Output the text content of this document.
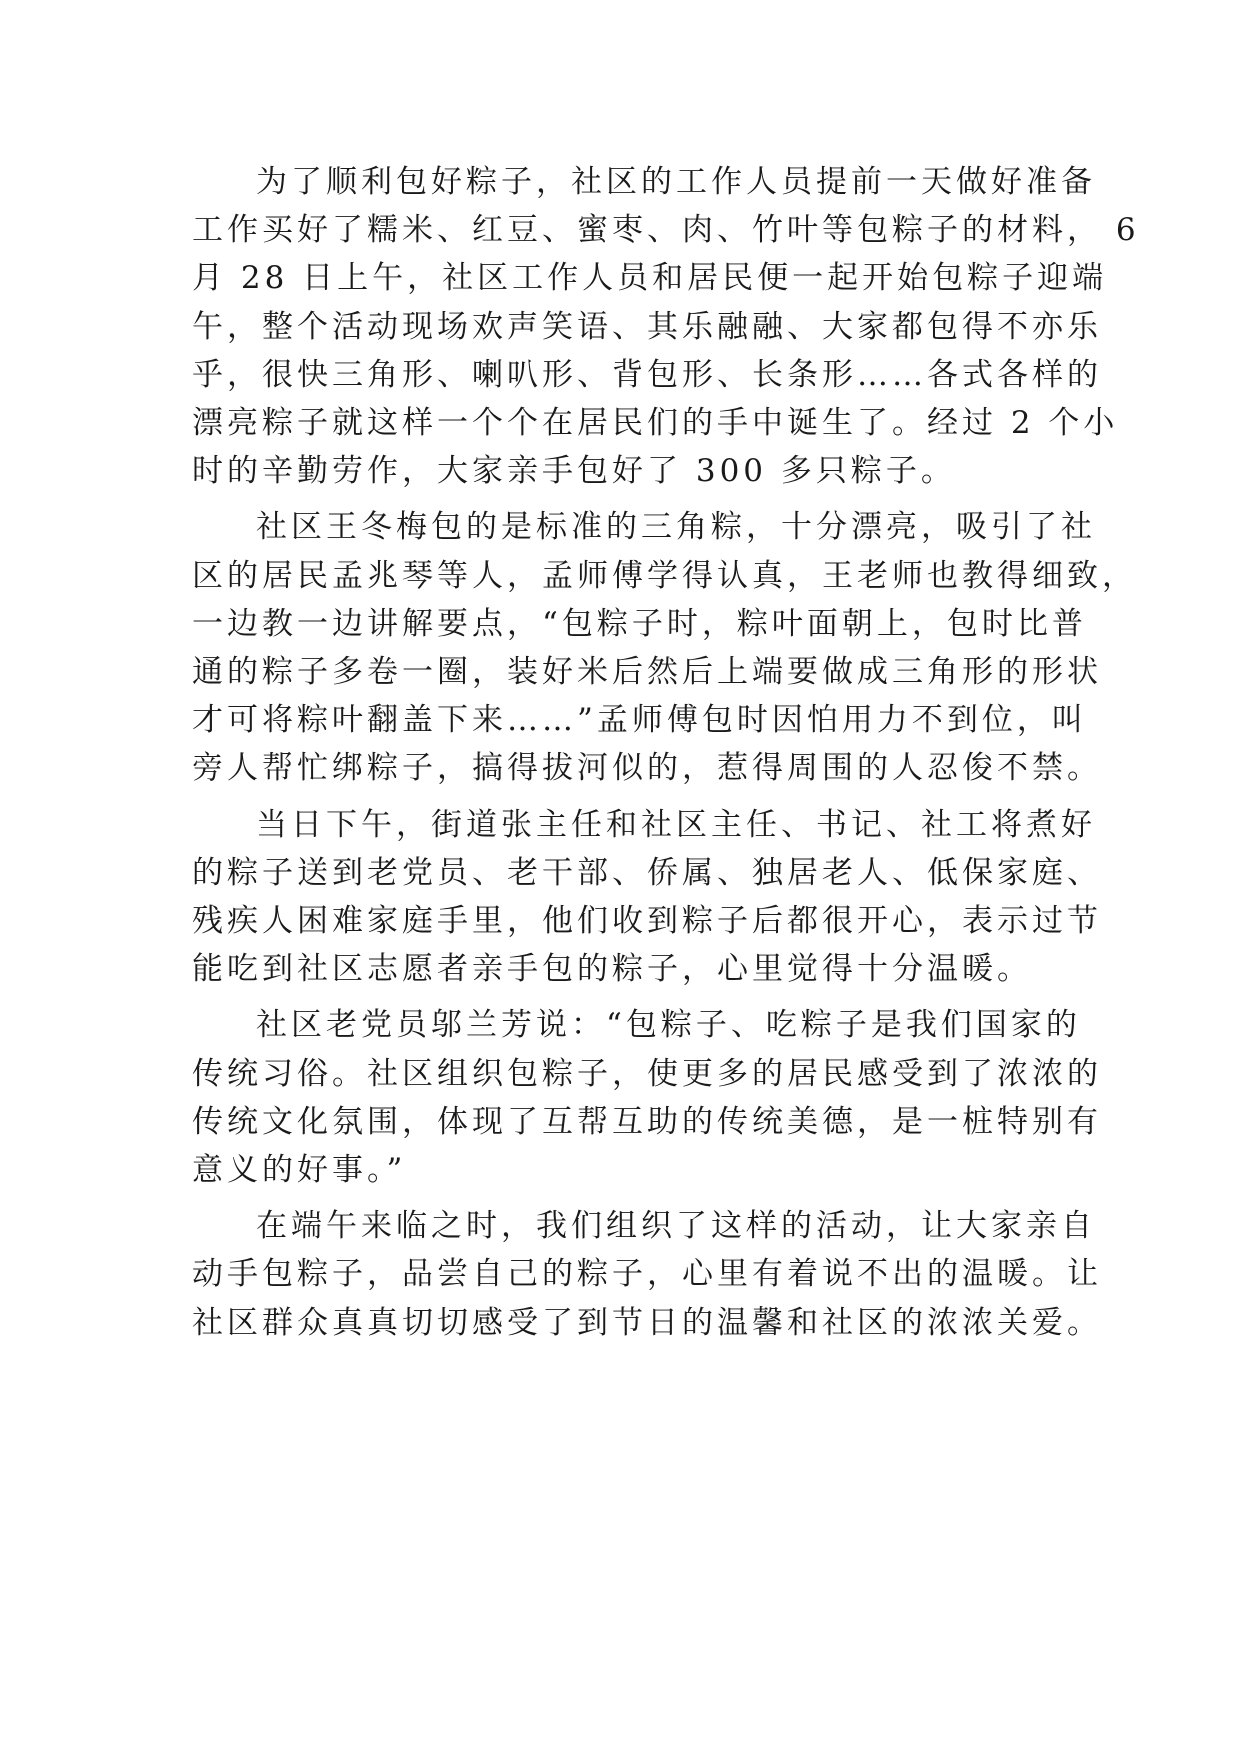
为了顺利包好粽子，社区的工作人员提前一天做好准备
工作买好了糯米、红豆、蜜枣、肉、竹叶等包粽子的材料， 6
月 28 日上午，社区工作人员和居民便一起开始包粽子迎端
午，整个活动现场欢声笑语、其乐融融、大家都包得不亦乐
乎，很快三角形、喇叭形、背包形、长条形……各式各样的
漂亮粽子就这样一个个在居民们的手中诞生了。经过 2 个小
时的辛勤劳作，大家亲手包好了 300 多只粽子。

社区王冬梅包的是标准的三角粽，十分漂亮，吸引了社
区的居民孟兆琴等人，孟师傅学得认真，王老师也教得细致，
一边教一边讲解要点，“包粽子时，粽叶面朝上，包时比普
通的粽子多卷一圈，装好米后然后上端要做成三角形的形状
才可将粽叶翻盖下来……”孟师傅包时因怕用力不到位，叫
旁人帮忙绑粽子，搞得拔河似的，惹得周围的人忍俊不禁。

当日下午，街道张主任和社区主任、书记、社工将煮好
的粽子送到老党员、老干部、侨属、独居老人、低保家庭、
残疾人困难家庭手里，他们收到粽子后都很开心，表示过节
能吃到社区志愿者亲手包的粽子，心里觉得十分温暖。

社区老党员邬兰芳说：“包粽子、吃粽子是我们国家的
传统习俗。社区组织包粽子，使更多的居民感受到了浓浓的
传统文化氛围，体现了互帮互助的传统美德，是一桩特别有
意义的好事。”

在端午来临之时，我们组织了这样的活动，让大家亲自
动手包粽子，品尝自己的粽子，心里有着说不出的温暖。让
社区群众真真切切感受了到节日的温馨和社区的浓浓关爱。
